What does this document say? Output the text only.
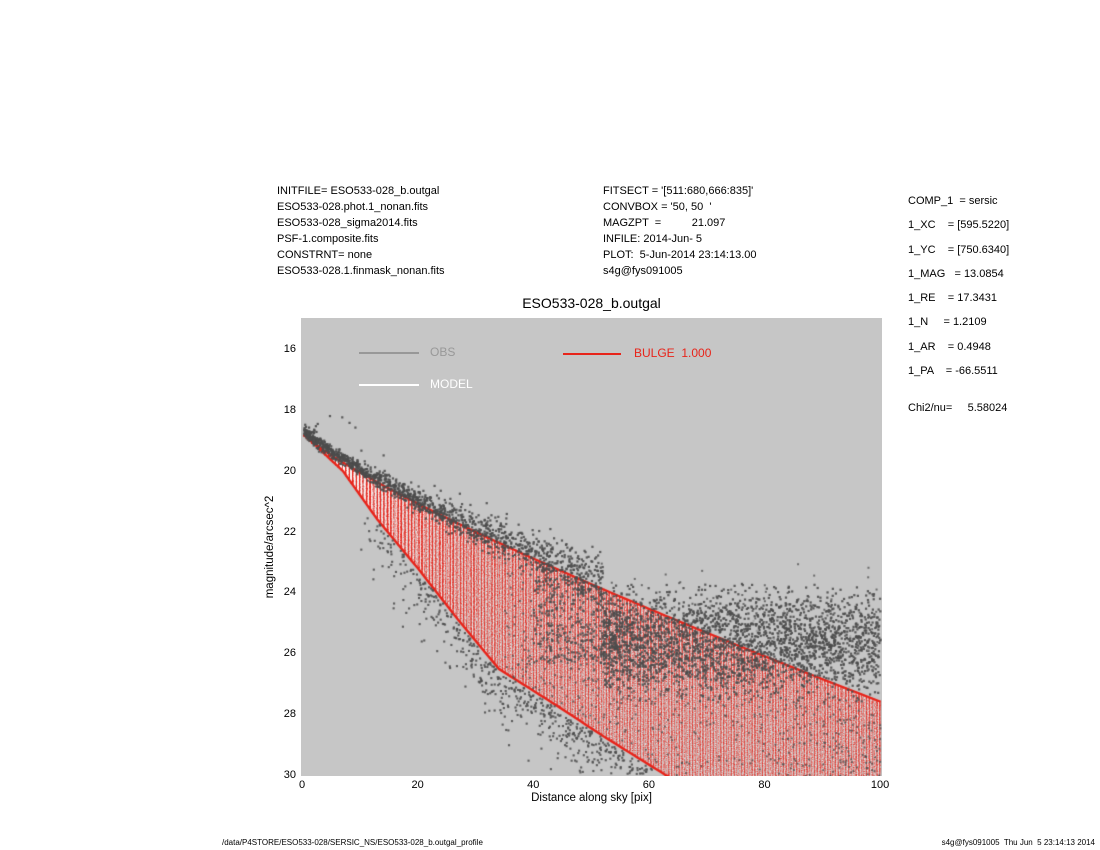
INITFILE= ESO533-028_b.outgal
ESO533-028.phot.1_nonan.fits
ESO533-028_sigma2014.fits
PSF-1.composite.fits
CONSTRNT= none
ESO533-028.1.finmask_nonan.fits
FITSECT = '[511:680,666:835]'
CONVBOX = '50, 50  '
MAGZPT  =          21.097
INFILE: 2014-Jun- 5
PLOT:  5-Jun-2014 23:14:13.00
s4g@fys091005
COMP_1  = sersic
1_XC    = [595.5220]
1_YC    = [750.6340]
1_MAG   = 13.0854
1_RE    = 17.3431
1_N     = 1.2109
1_AR    = 0.4948
1_PA    = -66.5511
Chi2/nu=     5.58024
ESO533-028_b.outgal
OBS
MODEL
BULGE  1.000
magnitude/arcsec^2
Distance along sky [pix]
0	20	40	60	80	100
16
18
20
22
24
26
28
30
/data/P4STORE/ESO533-028/SERSIC_NS/ESO533-028_b.outgal_profile	s4g@fys091005  Thu Jun  5 23:14:13 2014
